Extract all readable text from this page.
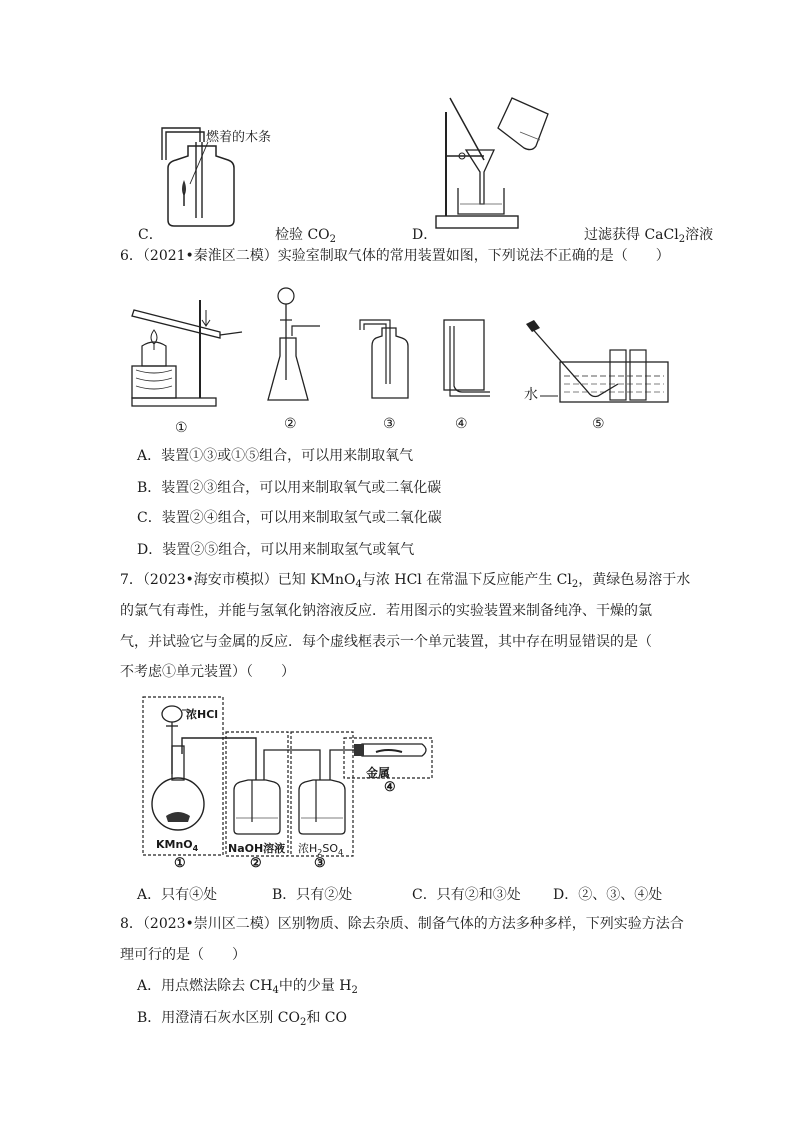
燃着的木条
C．	检验 $CO_2$	D．	过滤获得 CaCl$_2$溶液
6．（2021•秦淮区二模）实验室制取气体的常用装置如图，下列说法不正确的是（　　）
水
①	②	③	④	⑤
A．装置①③或①⑤组合，可以用来制取氧气
B．装置②③组合，可以用来制取氧气或二氧化碳
C．装置②④组合，可以用来制取氢气或二氧化碳
D．装置②⑤组合，可以用来制取氢气或氧气
7．（2023•海安市模拟）已知 KMnO$_4$与浓 HCl 在常温下反应能产生 $Cl_2$，黄绿色易溶于水
的氯气有毒性，并能与氢氧化钠溶液反应．若用图示的实验装置来制备纯净、干燥的氯
气，并试验它与金属的反应．每个虚线框表示一个单元装置，其中存在明显错误的是（
不考虑①单元装置）（　　）
浓HCl
KMnO$_4$	NaOH溶液 浓$H_2SO_4$
金属
①	②	③
④
A．只有④处	B．只有②处	C．只有②和③处 D．②、③、④处
8．（2023•崇川区二模）区别物质、除去杂质、制备气体的方法多种多样，下列实验方法合
理可行的是（　　）
A．用点燃法除去 $CH_4$中的少量 $H_2$
B．用澄清石灰水区别 $CO_2$和 CO
